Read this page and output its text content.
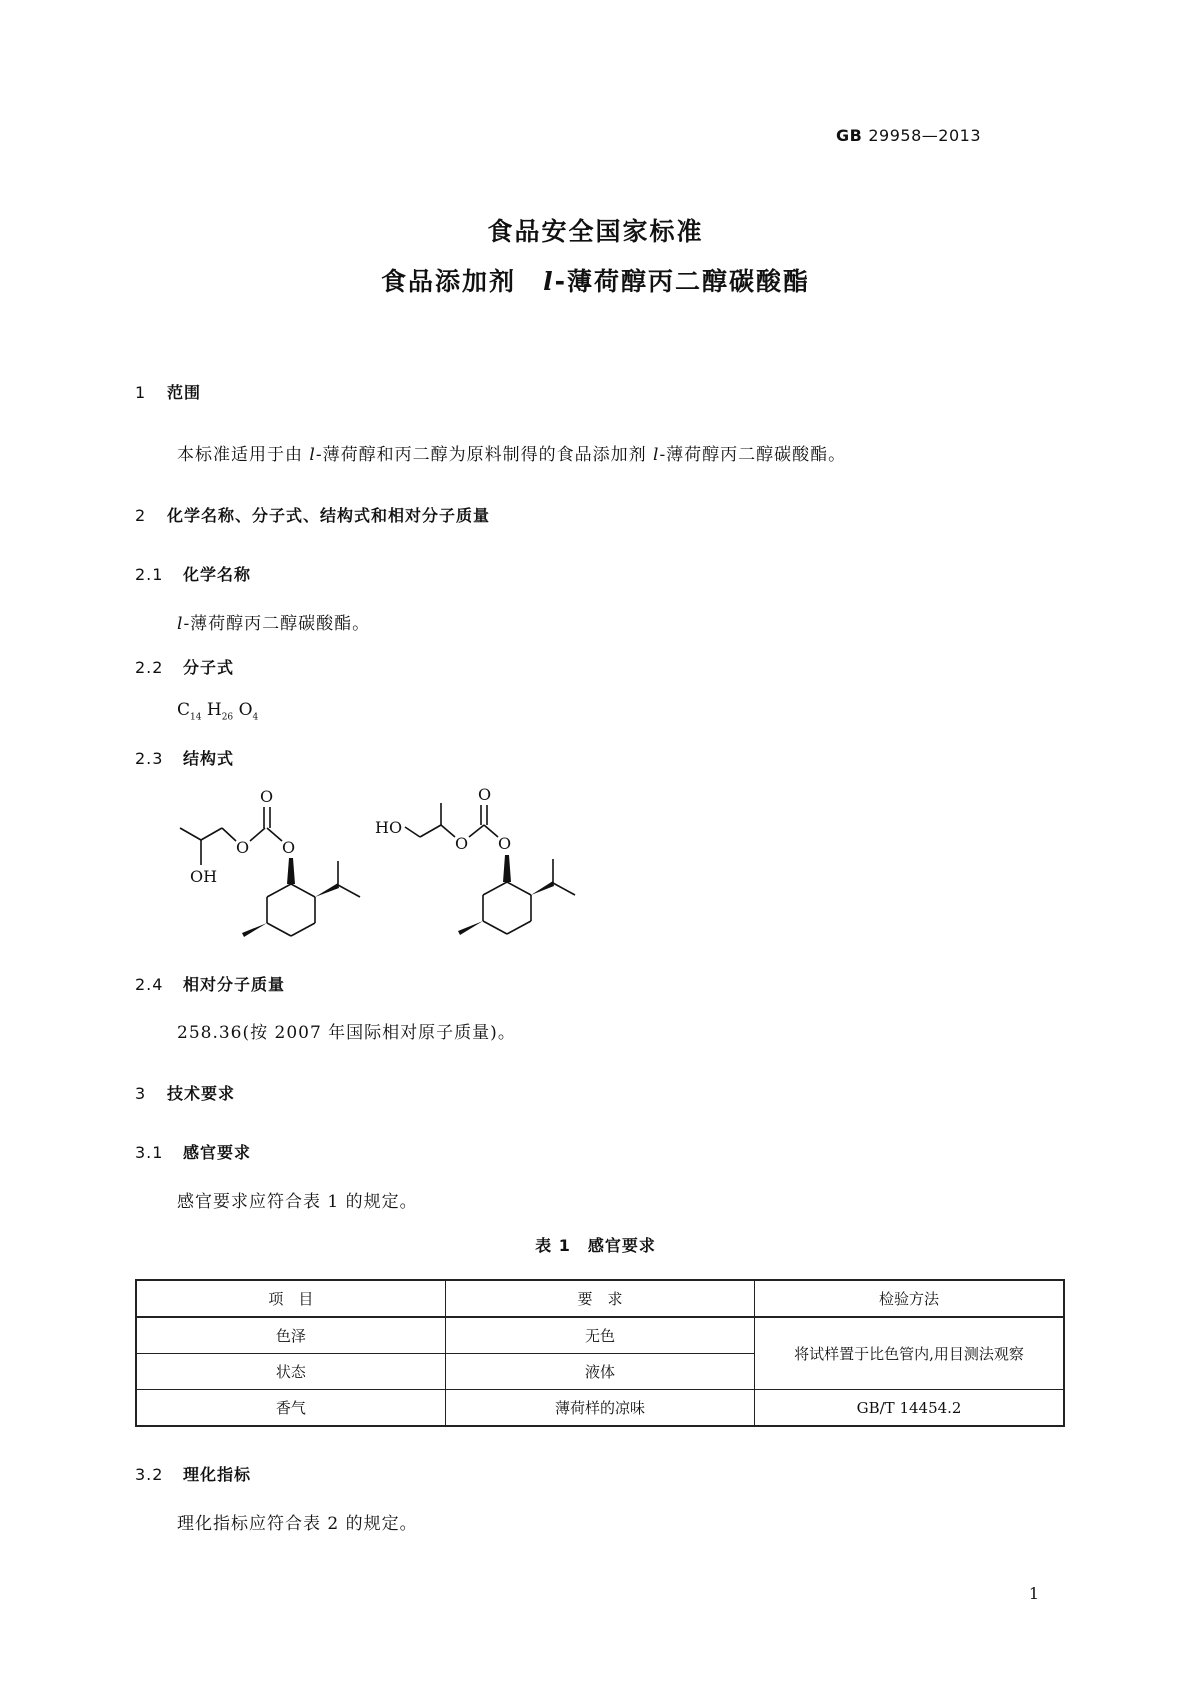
GB 29958—2013
食品安全国家标准
食品添加剂　 l-薄荷醇丙二醇碳酸酯
1 范围
本标准适用于由 l-薄荷醇和丙二醇为原料制得的食品添加剂 l-薄荷醇丙二醇碳酸酯。
2 化学名称、分子式、结构式和相对分子质量
2.1 化学名称
l-薄荷醇丙二醇碳酸酯。
2.2 分子式
$C_{14}$ $H_{26}$ $O_4$
2.3 结构式
OH
O
O
O
HO
O
O
O
2.4 相对分子质量
258.36(按 2007 年国际相对原子质量)。
3 技术要求
3.1 感官要求
感官要求应符合表 1 的规定。
表 1　感官要求
项　目	要　求	检验方法
色泽	无色	将试样置于比色管内,用目测法观察
状态	液体	
香气	薄荷样的凉味	GB/T 14454.2
3.2 理化指标
理化指标应符合表 2 的规定。
1
